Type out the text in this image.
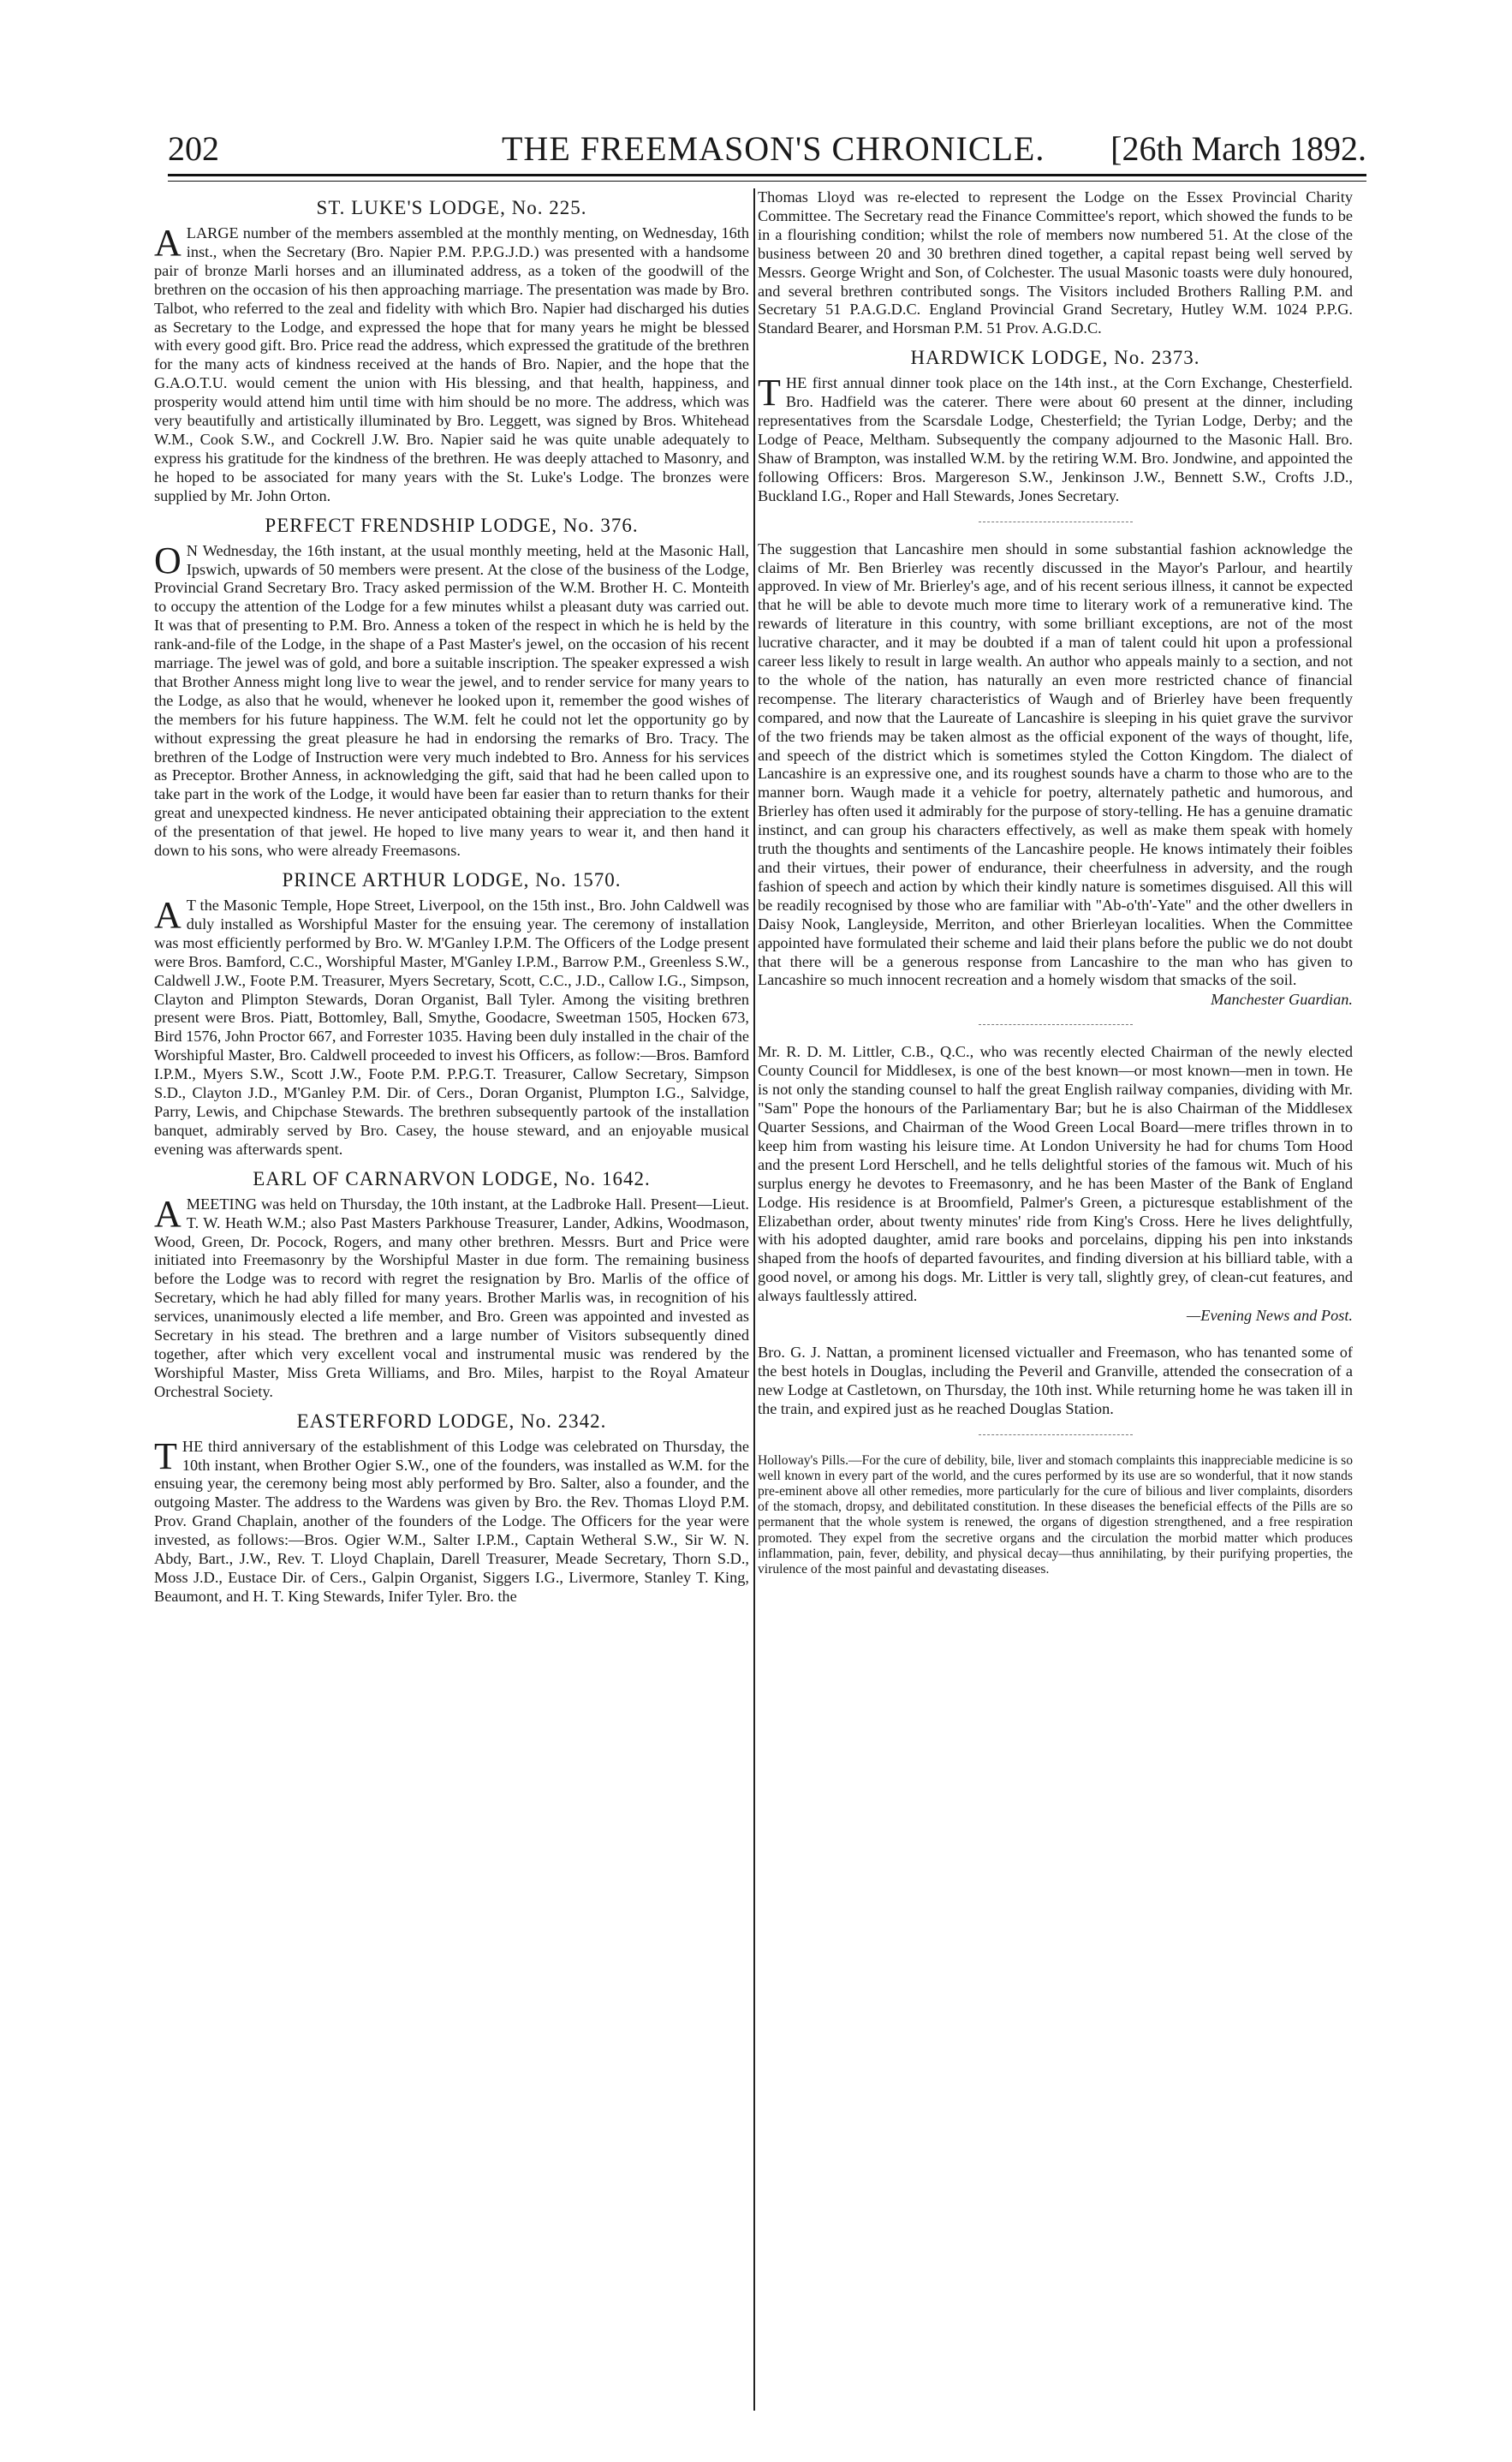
202	THE FREEMASON'S CHRONICLE. [26th March 1892.
ST. LUKE'S LODGE, No. 225.

A LARGE number of the members assembled at the monthly menting, on Wednesday, 16th inst., when the Secretary (Bro. Napier P.M. P.P.G.J.D.) was presented with a handsome pair of bronze Marli horses and an illuminated address, as a token of the goodwill of the brethren on the occasion of his then approaching marriage. The presentation was made by Bro. Talbot, who referred to the zeal and fidelity with which Bro. Napier had discharged his duties as Secretary to the Lodge, and expressed the hope that for many years he might be blessed with every good gift. Bro. Price read the address, which expressed the gratitude of the brethren for the many acts of kindness received at the hands of Bro. Napier, and the hope that the G.A.O.T.U. would cement the union with His blessing, and that health, happiness, and prosperity would attend him until time with him should be no more. The address, which was very beautifully and artistically illuminated by Bro. Leggett, was signed by Bros. Whitehead W.M., Cook S.W., and Cockrell J.W. Bro. Napier said he was quite unable adequately to express his gratitude for the kindness of the brethren. He was deeply attached to Masonry, and he hoped to be associated for many years with the St. Luke's Lodge. The bronzes were supplied by Mr. John Orton.

PERFECT FRENDSHIP LODGE, No. 376.

O N Wednesday, the 16th instant, at the usual monthly meeting, held at the Masonic Hall, Ipswich, upwards of 50 members were present. At the close of the business of the Lodge, Provincial Grand Secretary Bro. Tracy asked permission of the W.M. Brother H. C. Monteith to occupy the attention of the Lodge for a few minutes whilst a pleasant duty was carried out. It was that of presenting to P.M. Bro. Anness a token of the respect in which he is held by the rank-and-file of the Lodge, in the shape of a Past Master's jewel, on the occasion of his recent marriage. The jewel was of gold, and bore a suitable inscription. The speaker expressed a wish that Brother Anness might long live to wear the jewel, and to render service for many years to the Lodge, as also that he would, whenever he looked upon it, remember the good wishes of the members for his future happiness. The W.M. felt he could not let the opportunity go by without expressing the great pleasure he had in endorsing the remarks of Bro. Tracy. The brethren of the Lodge of Instruction were very much indebted to Bro. Anness for his services as Preceptor. Brother Anness, in acknowledging the gift, said that had he been called upon to take part in the work of the Lodge, it would have been far easier than to return thanks for their great and unexpected kindness. He never anticipated obtaining their appreciation to the extent of the presentation of that jewel. He hoped to live many years to wear it, and then hand it down to his sons, who were already Freemasons.

PRINCE ARTHUR LODGE, No. 1570.

A T the Masonic Temple, Hope Street, Liverpool, on the 15th inst., Bro. John Caldwell was duly installed as Worshipful Master for the ensuing year. The ceremony of installation was most efficiently performed by Bro. W. M'Ganley I.P.M. The Officers of the Lodge present were Bros. Bamford, C.C., Worshipful Master, M'Ganley I.P.M., Barrow P.M., Greenless S.W., Caldwell J.W., Foote P.M. Treasurer, Myers Secretary, Scott, C.C., J.D., Callow I.G., Simpson, Clayton and Plimpton Stewards, Doran Organist, Ball Tyler. Among the visiting brethren present were Bros. Piatt, Bottomley, Ball, Smythe, Goodacre, Sweetman 1505, Hocken 673, Bird 1576, John Proctor 667, and Forrester 1035. Having been duly installed in the chair of the Worshipful Master, Bro. Caldwell proceeded to invest his Officers, as follow:—Bros. Bamford I.P.M., Myers S.W., Scott J.W., Foote P.M. P.P.G.T. Treasurer, Callow Secretary, Simpson S.D., Clayton J.D., M'Ganley P.M. Dir. of Cers., Doran Organist, Plumpton I.G., Salvidge, Parry, Lewis, and Chipchase Stewards. The brethren subsequently partook of the installation banquet, admirably served by Bro. Casey, the house steward, and an enjoyable musical evening was afterwards spent.

EARL OF CARNARVON LODGE, No. 1642.

A MEETING was held on Thursday, the 10th instant, at the Ladbroke Hall. Present—Lieut. T. W. Heath W.M.; also Past Masters Parkhouse Treasurer, Lander, Adkins, Woodmason, Wood, Green, Dr. Pocock, Rogers, and many other brethren. Messrs. Burt and Price were initiated into Freemasonry by the Worshipful Master in due form. The remaining business before the Lodge was to record with regret the resignation by Bro. Marlis of the office of Secretary, which he had ably filled for many years. Brother Marlis was, in recognition of his services, unanimously elected a life member, and Bro. Green was appointed and invested as Secretary in his stead. The brethren and a large number of Visitors subsequently dined together, after which very excellent vocal and instrumental music was rendered by the Worshipful Master, Miss Greta Williams, and Bro. Miles, harpist to the Royal Amateur Orchestral Society.

EASTERFORD LODGE, No. 2342.

THE third anniversary of the establishment of this Lodge was celebrated on Thursday, the 10th instant, when Brother Ogier S.W., one of the founders, was installed as W.M. for the ensuing year, the ceremony being most ably performed by Bro. Salter, also a founder, and the outgoing Master. The address to the Wardens was given by Bro. the Rev. Thomas Lloyd P.M. Prov. Grand Chaplain, another of the founders of the Lodge. The Officers for the year were invested, as follows:—Bros. Ogier W.M., Salter I.P.M., Captain Wetheral S.W., Sir W. N. Abdy, Bart., J.W., Rev. T. Lloyd Chaplain, Darell Treasurer, Meade Secretary, Thorn S.D., Moss J.D., Eustace Dir. of Cers., Galpin Organist, Siggers I.G., Livermore, Stanley T. King, Beaumont, and H. T. King Stewards, Inifer Tyler. Bro. the

Thomas Lloyd was re-elected to represent the Lodge on the Essex Provincial Charity Committee. The Secretary read the Finance Committee's report, which showed the funds to be in a flourishing condition; whilst the role of members now numbered 51. At the close of the business between 20 and 30 brethren dined together, a capital repast being well served by Messrs. George Wright and Son, of Colchester. The usual Masonic toasts were duly honoured, and several brethren contributed songs. The Visitors included Brothers Ralling P.M. and Secretary 51 P.A.G.D.C. England Provincial Grand Secretary, Hutley W.M. 1024 P.P.G. Standard Bearer, and Horsman P.M. 51 Prov. A.G.D.C.

HARDWICK LODGE, No. 2373.

THE first annual dinner took place on the 14th inst., at the Corn Exchange, Chesterfield. Bro. Hadfield was the caterer. There were about 60 present at the dinner, including representatives from the Scarsdale Lodge, Chesterfield; the Tyrian Lodge, Derby; and the Lodge of Peace, Meltham. Subsequently the company adjourned to the Masonic Hall. Bro. Shaw of Brampton, was installed W.M. by the retiring W.M. Bro. Jondwine, and appointed the following Officers: Bros. Margereson S.W., Jenkinson J.W., Bennett S.W., Crofts J.D., Buckland I.G., Roper and Hall Stewards, Jones Secretary.

The suggestion that Lancashire men should in some substantial fashion acknowledge the claims of Mr. Ben Brierley was recently discussed in the Mayor's Parlour, and heartily approved. In view of Mr. Brierley's age, and of his recent serious illness, it cannot be expected that he will be able to devote much more time to literary work of a remunerative kind. The rewards of literature in this country, with some brilliant exceptions, are not of the most lucrative character, and it may be doubted if a man of talent could hit upon a professional career less likely to result in large wealth. An author who appeals mainly to a section, and not to the whole of the nation, has naturally an even more restricted chance of financial recompense. The literary characteristics of Waugh and of Brierley have been frequently compared, and now that the Laureate of Lancashire is sleeping in his quiet grave the survivor of the two friends may be taken almost as the official exponent of the ways of thought, life, and speech of the district which is sometimes styled the Cotton Kingdom. The dialect of Lancashire is an expressive one, and its roughest sounds have a charm to those who are to the manner born. Waugh made it a vehicle for poetry, alternately pathetic and humorous, and Brierley has often used it admirably for the purpose of story-telling. He has a genuine dramatic instinct, and can group his characters effectively, as well as make them speak with homely truth the thoughts and sentiments of the Lancashire people. He knows intimately their foibles and their virtues, their power of endurance, their cheerfulness in adversity, and the rough fashion of speech and action by which their kindly nature is sometimes disguised. All this will be readily recognised by those who are familiar with "Ab-o'th'-Yate" and the other dwellers in Daisy Nook, Langleyside, Merriton, and other Brierleyan localities. When the Committee appointed have formulated their scheme and laid their plans before the public we do not doubt that there will be a generous response from Lancashire to the man who has given to Lancashire so much innocent recreation and a homely wisdom that smacks of the soil.

Manchester Guardian.

Mr. R. D. M. Littler, C.B., Q.C., who was recently elected Chairman of the newly elected County Council for Middlesex, is one of the best known—or most known—men in town. He is not only the standing counsel to half the great English railway companies, dividing with Mr. "Sam" Pope the honours of the Parliamentary Bar; but he is also Chairman of the Middlesex Quarter Sessions, and Chairman of the Wood Green Local Board—mere trifles thrown in to keep him from wasting his leisure time. At London University he had for chums Tom Hood and the present Lord Herschell, and he tells delightful stories of the famous wit. Much of his surplus energy he devotes to Freemasonry, and he has been Master of the Bank of England Lodge. His residence is at Broomfield, Palmer's Green, a picturesque establishment of the Elizabethan order, about twenty minutes' ride from King's Cross. Here he lives delightfully, with his adopted daughter, amid rare books and porcelains, dipping his pen into inkstands shaped from the hoofs of departed favourites, and finding diversion at his billiard table, with a good novel, or among his dogs. Mr. Littler is very tall, slightly grey, of clean-cut features, and always faultlessly attired.

—Evening News and Post.

Bro. G. J. Nattan, a prominent licensed victualler and Freemason, who has tenanted some of the best hotels in Douglas, including the Peveril and Granville, attended the consecration of a new Lodge at Castletown, on Thursday, the 10th inst. While returning home he was taken ill in the train, and expired just as he reached Douglas Station.

Holloway's Pills.—For the cure of debility, bile, liver and stomach complaints this inappreciable medicine is so well known in every part of the world, and the cures performed by its use are so wonderful, that it now stands pre-eminent above all other remedies, more particularly for the cure of bilious and liver complaints, disorders of the stomach, dropsy, and debilitated constitution. In these diseases the beneficial effects of the Pills are so permanent that the whole system is renewed, the organs of digestion strengthened, and a free respiration promoted. They expel from the secretive organs and the circulation the morbid matter which produces inflammation, pain, fever, debility, and physical decay—thus annihilating, by their purifying properties, the virulence of the most painful and devastating diseases.
